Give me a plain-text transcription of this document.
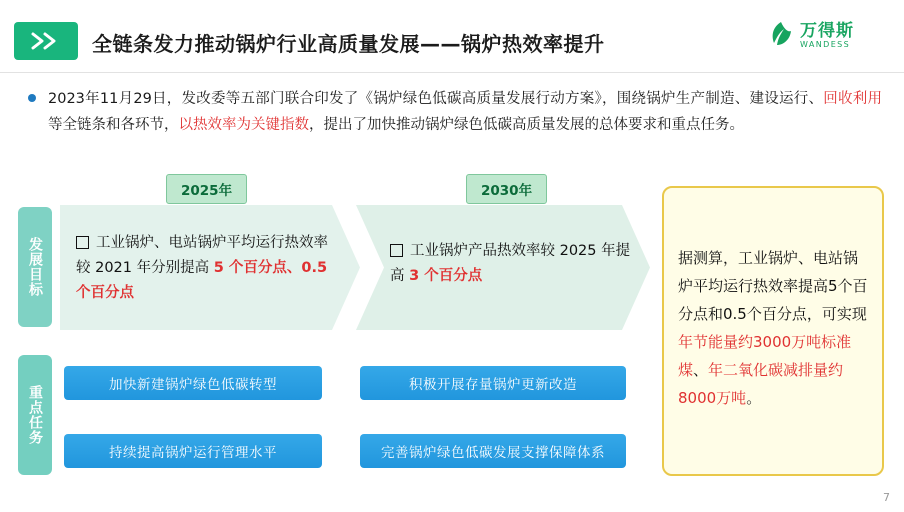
全链条发力推动锅炉行业高质量发展——锅炉热效率提升
万得斯
WANDESS
2023年11月29日，发改委等五部门联合印发了《锅炉绿色低碳高质量发展行动方案》，围绕锅炉生产制造、建设运行、回收利用等全链条和各环节，以热效率为关键指数，提出了加快推动锅炉绿色低碳高质量发展的总体要求和重点任务。
发展目标
重点任务
2025年	2030年
工业锅炉、电站锅炉平均运行热效率较 2021 年分别提高 5 个百分点、0.5 个百分点
工业锅炉产品热效率较 2025 年提高 3 个百分点
加快新建锅炉绿色低碳转型	积极开展存量锅炉更新改造
持续提高锅炉运行管理水平	完善锅炉绿色低碳发展支撑保障体系
据测算，工业锅炉、电站锅炉平均运行热效率提高5个百分点和0.5个百分点，可实现年节能量约3000万吨标准煤、年二氧化碳减排量约8000万吨。
7
